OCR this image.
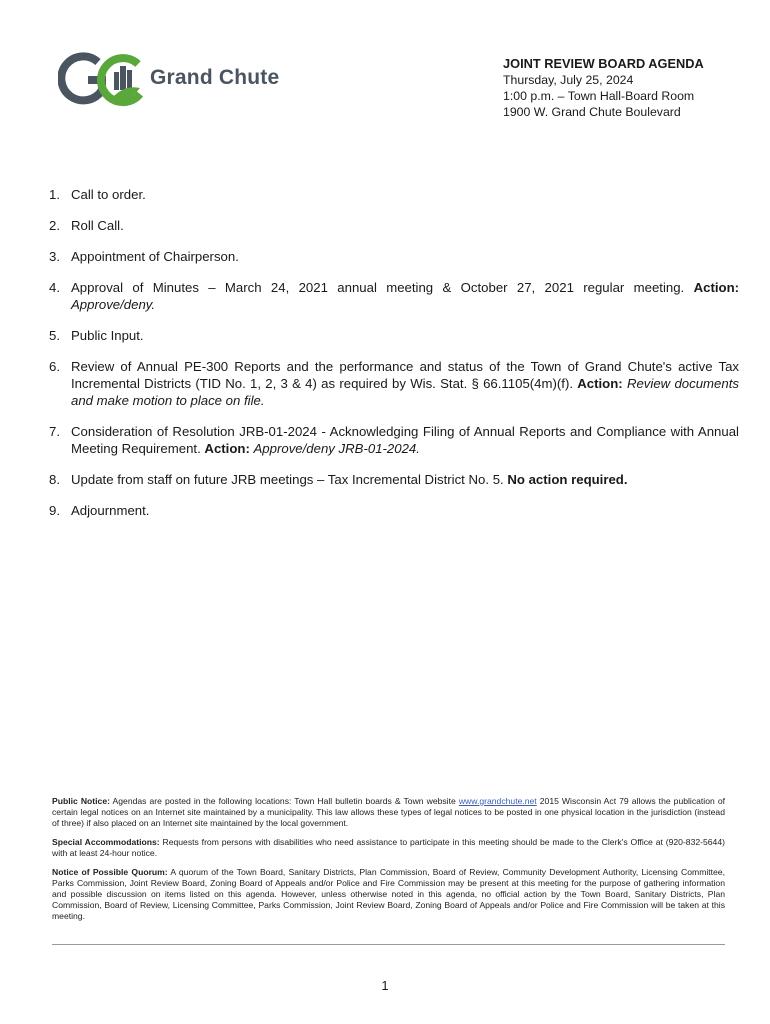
Grand Chute
JOINT REVIEW BOARD AGENDA
Thursday, July 25, 2024
1:00 p.m. – Town Hall-Board Room
1900 W. Grand Chute Boulevard
1. Call to order.
2. Roll Call.
3. Appointment of Chairperson.
4. Approval of Minutes – March 24, 2021 annual meeting & October 27, 2021 regular meeting. Action: Approve/deny.
5. Public Input.
6. Review of Annual PE-300 Reports and the performance and status of the Town of Grand Chute's active Tax Incremental Districts (TID No. 1, 2, 3 & 4) as required by Wis. Stat. § 66.1105(4m)(f). Action: Review documents and make motion to place on file.
7. Consideration of Resolution JRB-01-2024 - Acknowledging Filing of Annual Reports and Compliance with Annual Meeting Requirement. Action: Approve/deny JRB-01-2024.
8. Update from staff on future JRB meetings – Tax Incremental District No. 5. No action required.
9. Adjournment.

Public Notice: Agendas are posted in the following locations: Town Hall bulletin boards & Town website www.grandchute.net 2015 Wisconsin Act 79 allows the publication of certain legal notices on an Internet site maintained by a municipality. This law allows these types of legal notices to be posted in one physical location in the jurisdiction (instead of three) if also placed on an Internet site maintained by the local government.

Special Accommodations: Requests from persons with disabilities who need assistance to participate in this meeting should be made to the Clerk's Office at (920-832-5644) with at least 24-hour notice.

Notice of Possible Quorum: A quorum of the Town Board, Sanitary Districts, Plan Commission, Board of Review, Community Development Authority, Licensing Committee, Parks Commission, Joint Review Board, Zoning Board of Appeals and/or Police and Fire Commission may be present at this meeting for the purpose of gathering information and possible discussion on items listed on this agenda. However, unless otherwise noted in this agenda, no official action by the Town Board, Sanitary Districts, Plan Commission, Board of Review, Licensing Committee, Parks Commission, Joint Review Board, Zoning Board of Appeals and/or Police and Fire Commission will be taken at this meeting.

1
